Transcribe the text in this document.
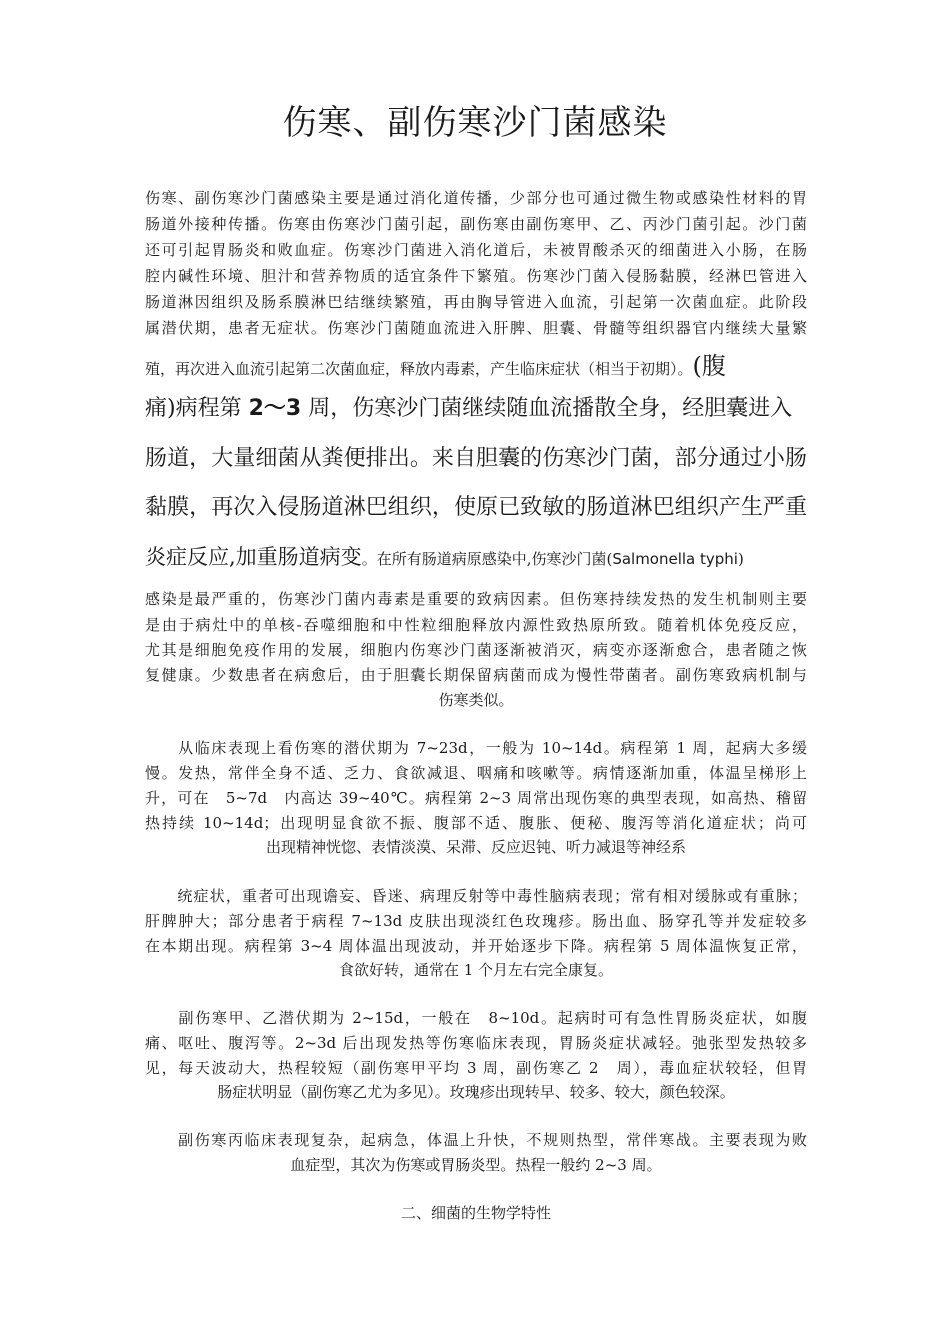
伤寒、副伤寒沙门菌感染
伤寒、副伤寒沙门菌感染主要是通过消化道传播，少部分也可通过微生物或感染性材料的胃
肠道外接种传播。伤寒由伤寒沙门菌引起，副伤寒由副伤寒甲、乙、丙沙门菌引起。沙门菌
还可引起胃肠炎和败血症。伤寒沙门菌进入消化道后，未被胃酸杀灭的细菌进入小肠，在肠
腔内碱性环境、胆汁和营养物质的适宜条件下繁殖。伤寒沙门菌入侵肠黏膜，经淋巴管进入
肠道淋因组织及肠系膜淋巴结继续繁殖，再由胸导管进入血流，引起第一次菌血症。此阶段
属潜伏期，患者无症状。伤寒沙门菌随血流进入肝脾、胆囊、骨髓等组织器官内继续大量繁
殖，再次进入血流引起第二次菌血症，释放内毒素，产生临床症状（相当于初期）。(腹
痛)病程第 2～3 周，伤寒沙门菌继续随血流播散全身，经胆囊进入
肠道，大量细菌从粪便排出。来自胆囊的伤寒沙门菌，部分通过小肠
黏膜，再次入侵肠道淋巴组织，使原已致敏的肠道淋巴组织产生严重
炎症反应,加重肠道病变。在所有肠道病原感染中,伤寒沙门菌(Salmonella typhi)
感染是最严重的，伤寒沙门菌内毒素是重要的致病因素。但伤寒持续发热的发生机制则主要
是由于病灶中的单核-吞噬细胞和中性粒细胞释放内源性致热原所致。随着机体免疫反应，
尤其是细胞免疫作用的发展，细胞内伤寒沙门菌逐渐被消灭，病变亦逐渐愈合，患者随之恢
复健康。少数患者在病愈后，由于胆囊长期保留病菌而成为慢性带菌者。副伤寒致病机制与
伤寒类似。
　　从临床表现上看伤寒的潜伏期为 7~23d，一般为 10~14d。病程第 1 周，起病大多缓
慢。发热，常伴全身不适、乏力、食欲减退、咽痛和咳嗽等。病情逐渐加重，体温呈梯形上
升，可在　5~7d　内高达 39~40℃。病程第 2~3 周常出现伤寒的典型表现，如高热、稽留
热持续 10~14d；出现明显食欲不振、腹部不适、腹胀、便秘、腹泻等消化道症状；尚可
出现精神恍惚、表情淡漠、呆滞、反应迟钝、听力减退等神经系
　　统症状，重者可出现谵妄、昏迷、病理反射等中毒性脑病表现；常有相对缓脉或有重脉；
肝脾肿大；部分患者于病程 7~13d 皮肤出现淡红色玫瑰疹。肠出血、肠穿孔等并发症较多
在本期出现。病程第 3~4 周体温出现波动，并开始逐步下降。病程第 5 周体温恢复正常，
食欲好转，通常在 1 个月左右完全康复。
　　副伤寒甲、乙潜伏期为 2~15d，一般在　8~10d。起病时可有急性胃肠炎症状，如腹
痛、呕吐、腹泻等。2~3d 后出现发热等伤寒临床表现，胃肠炎症状减轻。弛张型发热较多
见，每天波动大，热程较短（副伤寒甲平均 3 周，副伤寒乙 2　周），毒血症状较轻，但胃
肠症状明显（副伤寒乙尤为多见）。玫瑰疹出现转早、较多、较大，颜色较深。
　　副伤寒丙临床表现复杂，起病急，体温上升快，不规则热型，常伴寒战。主要表现为败
血症型，其次为伤寒或胃肠炎型。热程一般约 2~3 周。
二、细菌的生物学特性
